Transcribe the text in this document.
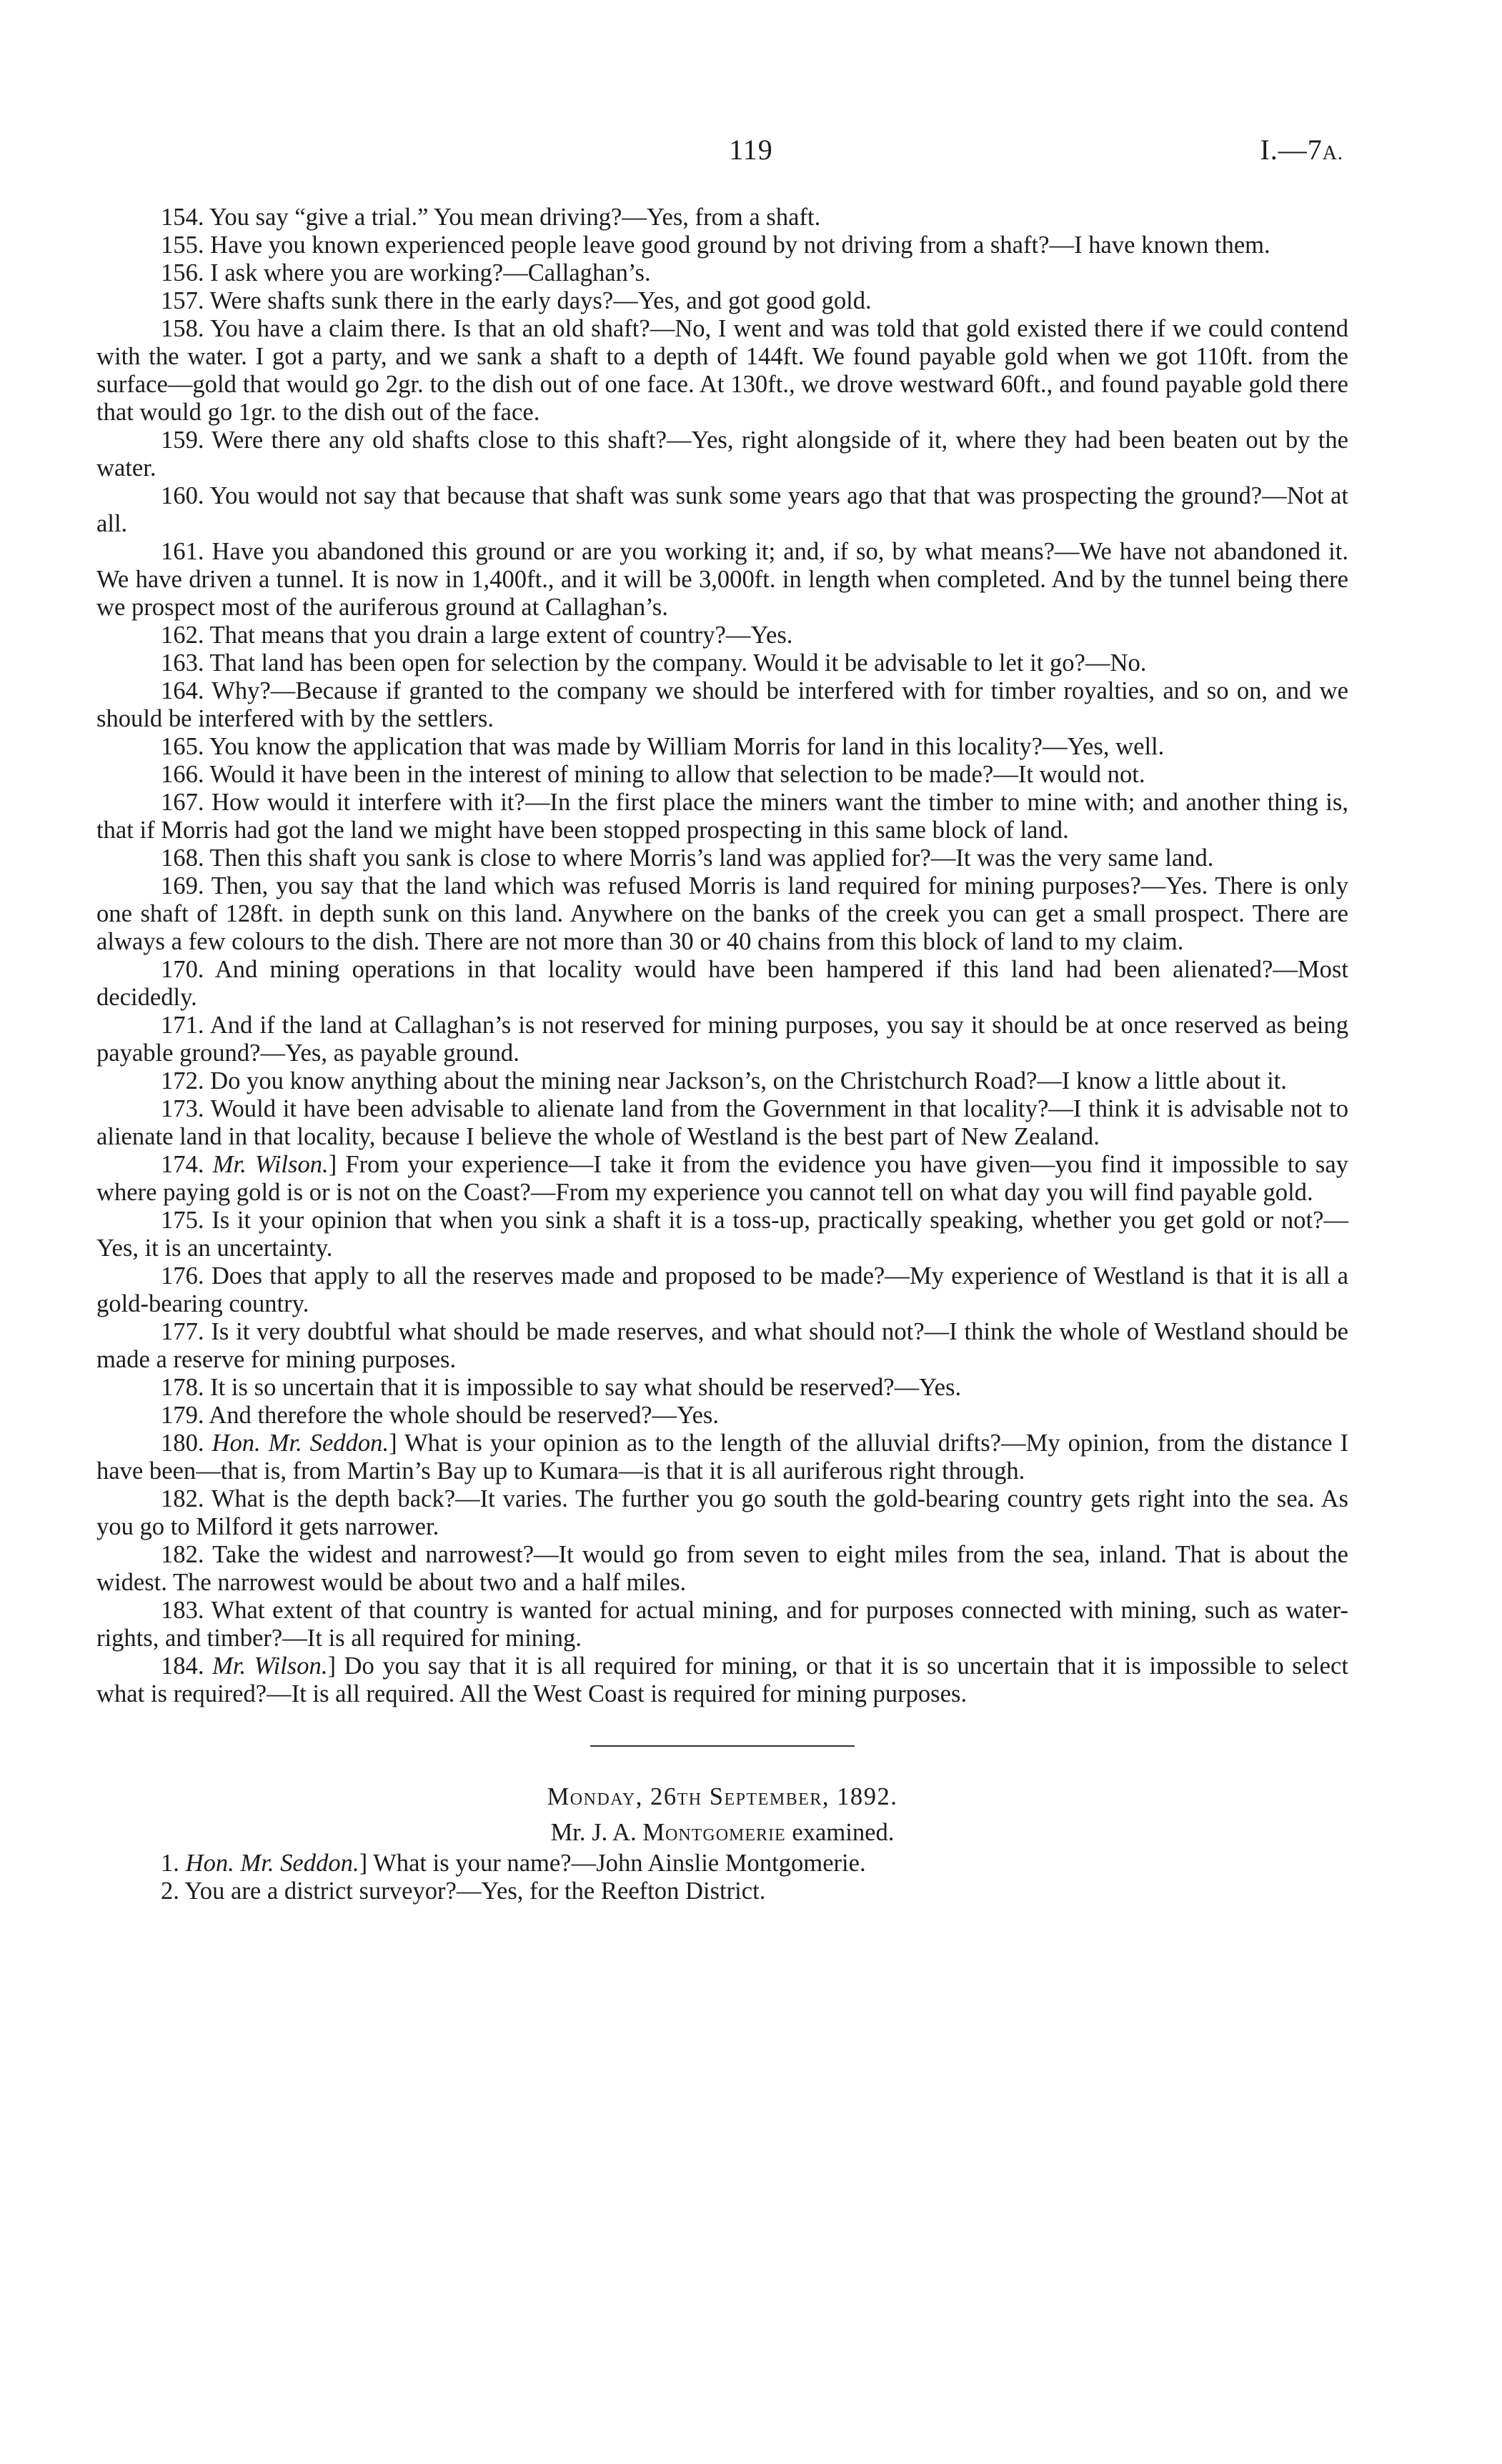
119	I.—7A.

154. You say “give a trial.” You mean driving?—Yes, from a shaft.

155. Have you known experienced people leave good ground by not driving from a shaft?—I have known them.

156. I ask where you are working?—Callaghan’s.

157. Were shafts sunk there in the early days?—Yes, and got good gold.

158. You have a claim there. Is that an old shaft?—No, I went and was told that gold existed there if we could contend with the water. I got a party, and we sank a shaft to a depth of 144ft. We found payable gold when we got 110ft. from the surface—gold that would go 2gr. to the dish out of one face. At 130ft., we drove westward 60ft., and found payable gold there that would go 1gr. to the dish out of the face.

159. Were there any old shafts close to this shaft?—Yes, right alongside of it, where they had been beaten out by the water.

160. You would not say that because that shaft was sunk some years ago that that was prospecting the ground?—Not at all.

161. Have you abandoned this ground or are you working it; and, if so, by what means?—We have not abandoned it. We have driven a tunnel. It is now in 1,400ft., and it will be 3,000ft. in length when completed. And by the tunnel being there we prospect most of the auriferous ground at Callaghan’s.

162. That means that you drain a large extent of country?—Yes.

163. That land has been open for selection by the company. Would it be advisable to let it go?—No.

164. Why?—Because if granted to the company we should be interfered with for timber royalties, and so on, and we should be interfered with by the settlers.

165. You know the application that was made by William Morris for land in this locality?—Yes, well.

166. Would it have been in the interest of mining to allow that selection to be made?—It would not.

167. How would it interfere with it?—In the first place the miners want the timber to mine with; and another thing is, that if Morris had got the land we might have been stopped prospecting in this same block of land.

168. Then this shaft you sank is close to where Morris’s land was applied for?—It was the very same land.

169. Then, you say that the land which was refused Morris is land required for mining purposes?—Yes. There is only one shaft of 128ft. in depth sunk on this land. Anywhere on the banks of the creek you can get a small prospect. There are always a few colours to the dish. There are not more than 30 or 40 chains from this block of land to my claim.

170. And mining operations in that locality would have been hampered if this land had been alienated?—Most decidedly.

171. And if the land at Callaghan’s is not reserved for mining purposes, you say it should be at once reserved as being payable ground?—Yes, as payable ground.

172. Do you know anything about the mining near Jackson’s, on the Christchurch Road?—I know a little about it.

173. Would it have been advisable to alienate land from the Government in that locality?—I think it is advisable not to alienate land in that locality, because I believe the whole of Westland is the best part of New Zealand.

174. Mr. Wilson.] From your experience—I take it from the evidence you have given—you find it impossible to say where paying gold is or is not on the Coast?—From my experience you cannot tell on what day you will find payable gold.

175. Is it your opinion that when you sink a shaft it is a toss-up, practically speaking, whether you get gold or not?—Yes, it is an uncertainty.

176. Does that apply to all the reserves made and proposed to be made?—My experience of Westland is that it is all a gold-bearing country.

177. Is it very doubtful what should be made reserves, and what should not?—I think the whole of Westland should be made a reserve for mining purposes.

178. It is so uncertain that it is impossible to say what should be reserved?—Yes.

179. And therefore the whole should be reserved?—Yes.

180. Hon. Mr. Seddon.] What is your opinion as to the length of the alluvial drifts?—My opinion, from the distance I have been—that is, from Martin’s Bay up to Kumara—is that it is all auriferous right through.

182. What is the depth back?—It varies. The further you go south the gold-bearing country gets right into the sea. As you go to Milford it gets narrower.

182. Take the widest and narrowest?—It would go from seven to eight miles from the sea, inland. That is about the widest. The narrowest would be about two and a half miles.

183. What extent of that country is wanted for actual mining, and for purposes connected with mining, such as water-rights, and timber?—It is all required for mining.

184. Mr. Wilson.] Do you say that it is all required for mining, or that it is so uncertain that it is impossible to select what is required?—It is all required. All the West Coast is required for mining purposes.

Monday, 26th September, 1892.

Mr. J. A. Montgomerie examined.

1. Hon. Mr. Seddon.] What is your name?—John Ainslie Montgomerie.

2. You are a district surveyor?—Yes, for the Reefton District.
